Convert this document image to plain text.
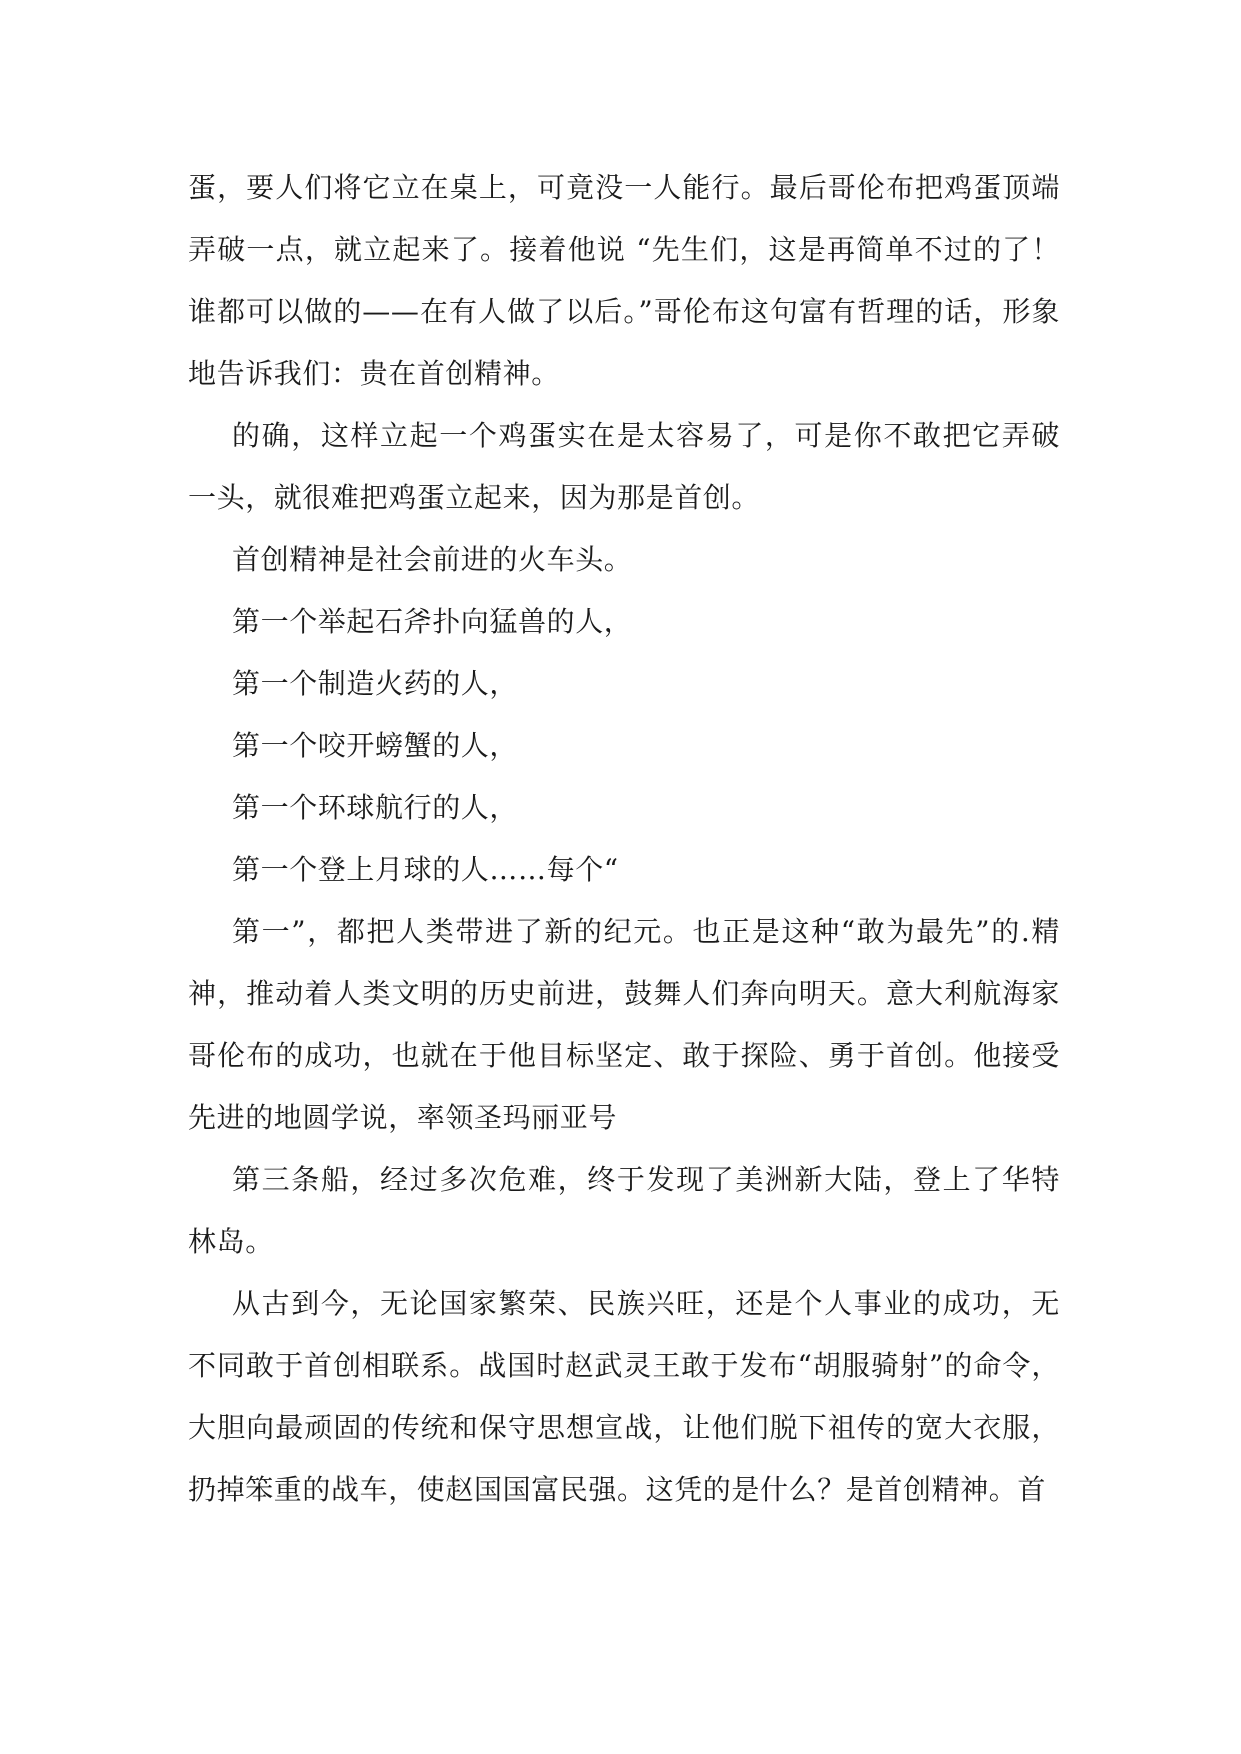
蛋，要人们将它立在桌上，可竟没一人能行。最后哥伦布把鸡蛋顶端弄破一点，就立起来了。接着他说 “先生们，这是再简单不过的了！谁都可以做的——在有人做了以后。”哥伦布这句富有哲理的话，形象地告诉我们：贵在首创精神。

的确，这样立起一个鸡蛋实在是太容易了，可是你不敢把它弄破一头，就很难把鸡蛋立起来，因为那是首创。

首创精神是社会前进的火车头。

第一个举起石斧扑向猛兽的人，

第一个制造火药的人，

第一个咬开螃蟹的人，

第一个环球航行的人，

第一个登上月球的人……每个“

第一”，都把人类带进了新的纪元。也正是这种“敢为最先”的.精神，推动着人类文明的历史前进，鼓舞人们奔向明天。意大利航海家哥伦布的成功，也就在于他目标坚定、敢于探险、勇于首创。他接受先进的地圆学说，率领圣玛丽亚号

第三条船，经过多次危难，终于发现了美洲新大陆，登上了华特林岛。

从古到今，无论国家繁荣、民族兴旺，还是个人事业的成功，无不同敢于首创相联系。战国时赵武灵王敢于发布“胡服骑射”的命令，大胆向最顽固的传统和保守思想宣战，让他们脱下祖传的宽大衣服，扔掉笨重的战车，使赵国国富民强。这凭的是什么？是首创精神。首
